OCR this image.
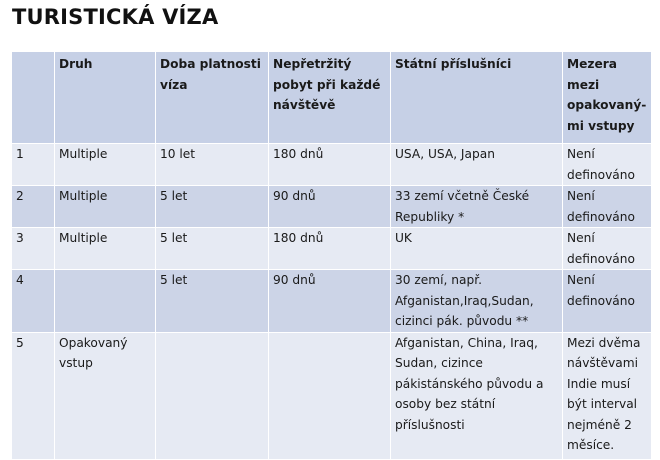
TURISTICKÁ VÍZA
	Druh	Doba platnosti víza	Nepřetržitý pobyt při každé návštěvě	Státní příslušníci	Mezera mezi opakovanými vstupy
1	Multiple	10 let	180 dnů	USA, USA, Japan	Není definováno
2	Multiple	5 let	90 dnů	33 zemí včetně České Republiky *	Není definováno
3	Multiple	5 let	180 dnů	UK	Není definováno
4		5 let	90 dnů	30 zemí, např. Afganistan,Iraq,Sudan, cizinci pák. původu **	Není definováno
5	Opakovaný vstup			Afganistan, China, Iraq, Sudan, cizince pákistánského původu a osoby bez státní příslušnosti	Mezi dvěma návštěvami Indie musí být interval nejméně 2 měsíce.
